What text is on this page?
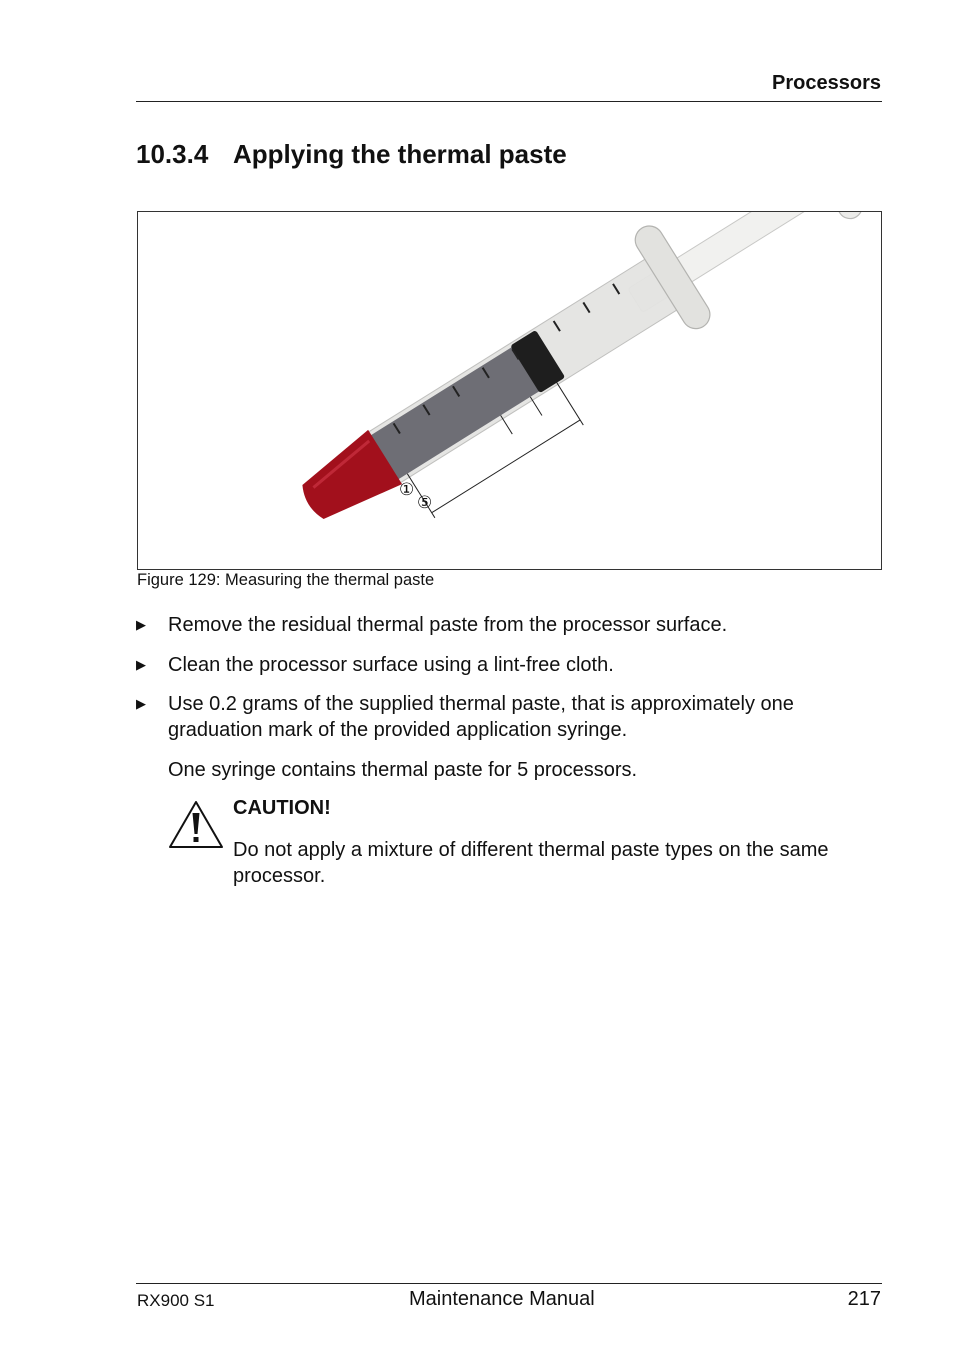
Processors
10.3.4 Applying the thermal paste
①
⑤
Figure 129: Measuring the thermal paste
▶ Remove the residual thermal paste from the processor surface.
▶ Clean the processor surface using a lint-free cloth.
▶ Use 0.2 grams of the supplied thermal paste, that is approximately one graduation mark of the provided application syringe.
One syringe contains thermal paste for 5 processors.
CAUTION!
Do not apply a mixture of different thermal paste types on the same processor.
RX900 S1	Maintenance Manual	217
